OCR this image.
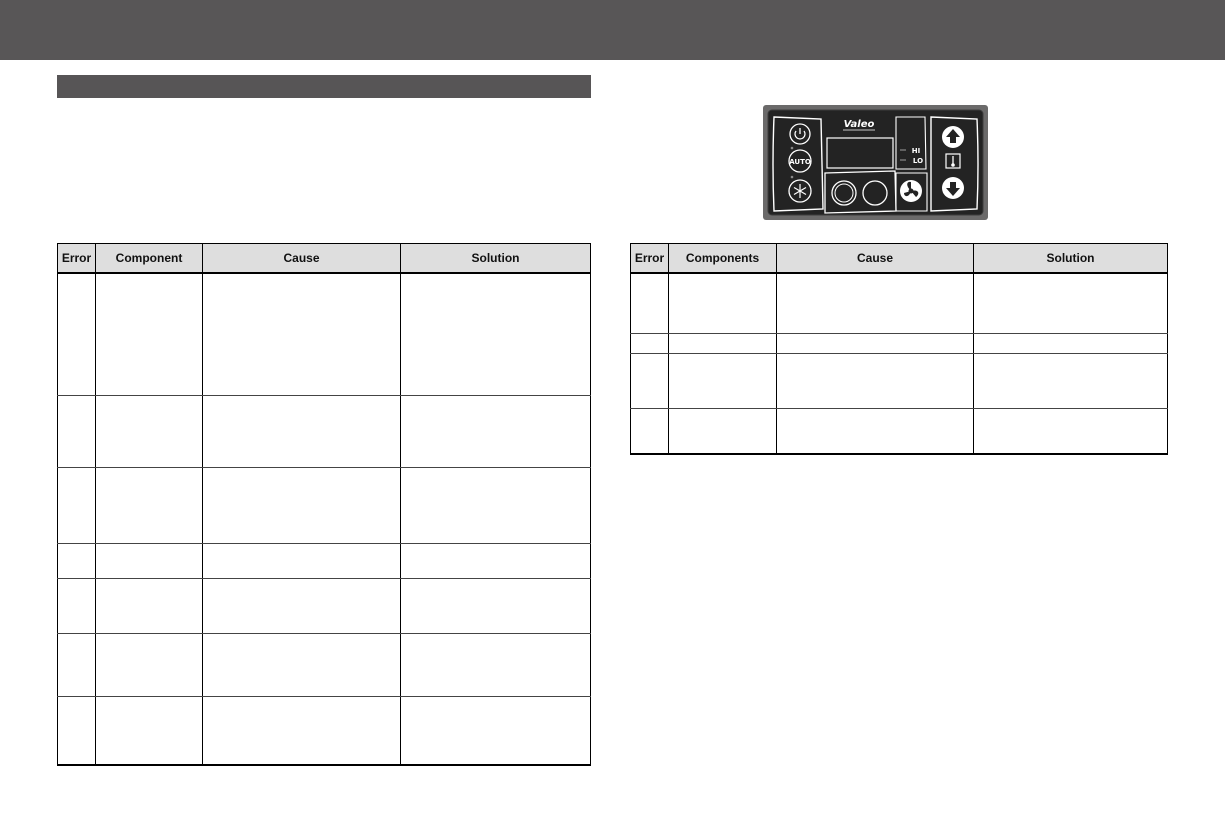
Error	Component	Cause	Solution

AUTO
Valeo
HI
LO
Error	Components	Cause	Solution
